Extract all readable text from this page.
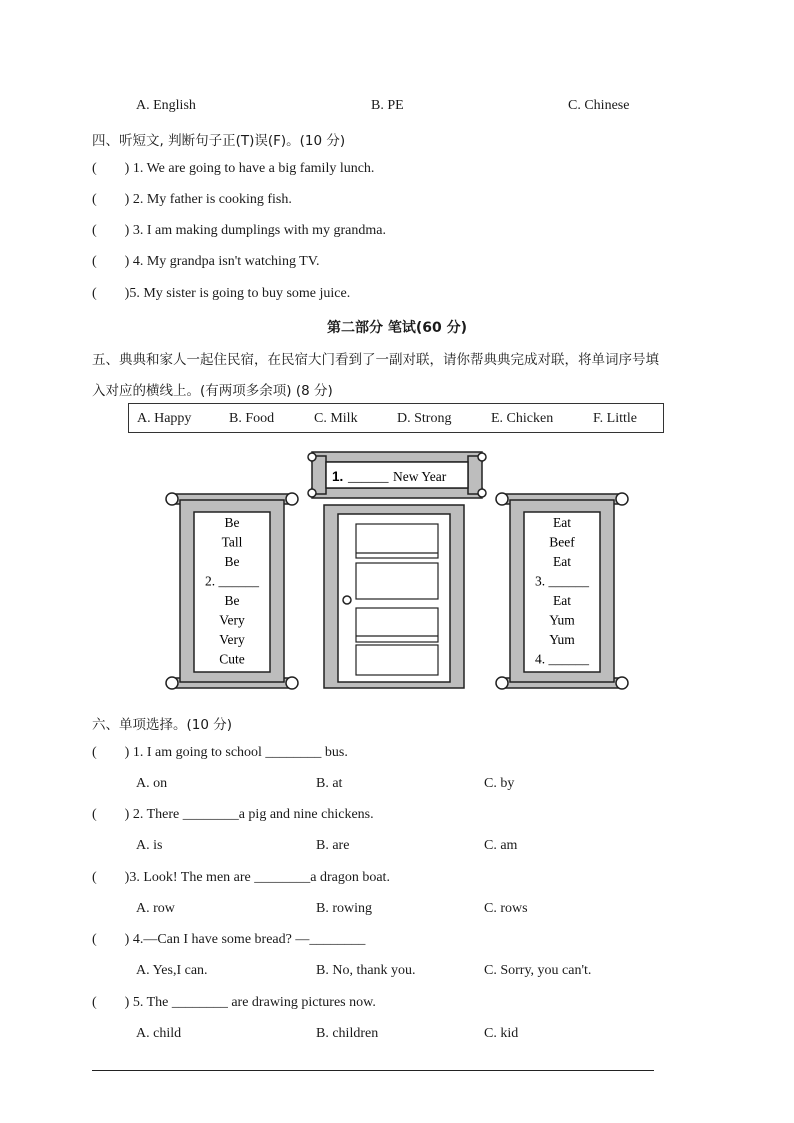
A. English	B. PE	C. Chinese
四、听短文, 判断句子正(T)误(F)。(10 分)
(        ) 1. We are going to have a big family lunch.
(        ) 2. My father is cooking fish.
(        ) 3. I am making dumplings with my grandma.
(        ) 4. My grandpa isn't watching TV.
(        )5. My sister is going to buy some juice.
第二部分 笔试(60 分)
五、典典和家人一起住民宿，在民宿大门看到了一副对联，请你帮典典完成对联，将单词序号填
入对应的横线上。(有两项多余项) (8 分)
A. Happy	B. Food	C. Milk	D. Strong	E. Chicken	F. Little
1. ______ New Year
Be
Tall
Be
2. ______
Be
Very
Very
Cute
Eat
Beef
Eat
3. ______
Eat
Yum
Yum
4. ______
六、单项选择。(10 分)
(        ) 1. I am going to school ________ bus.
A. on	B. at	C. by
(        ) 2. There ________a pig and nine chickens.
A. is	B. are	C. am
(        )3. Look! The men are ________a dragon boat.
A. row	B. rowing	C. rows
(        ) 4.—Can I have some bread? —________
A. Yes,I can.	B. No, thank you.	C. Sorry, you can't.
(        ) 5. The ________ are drawing pictures now.
A. child	B. children	C. kid
